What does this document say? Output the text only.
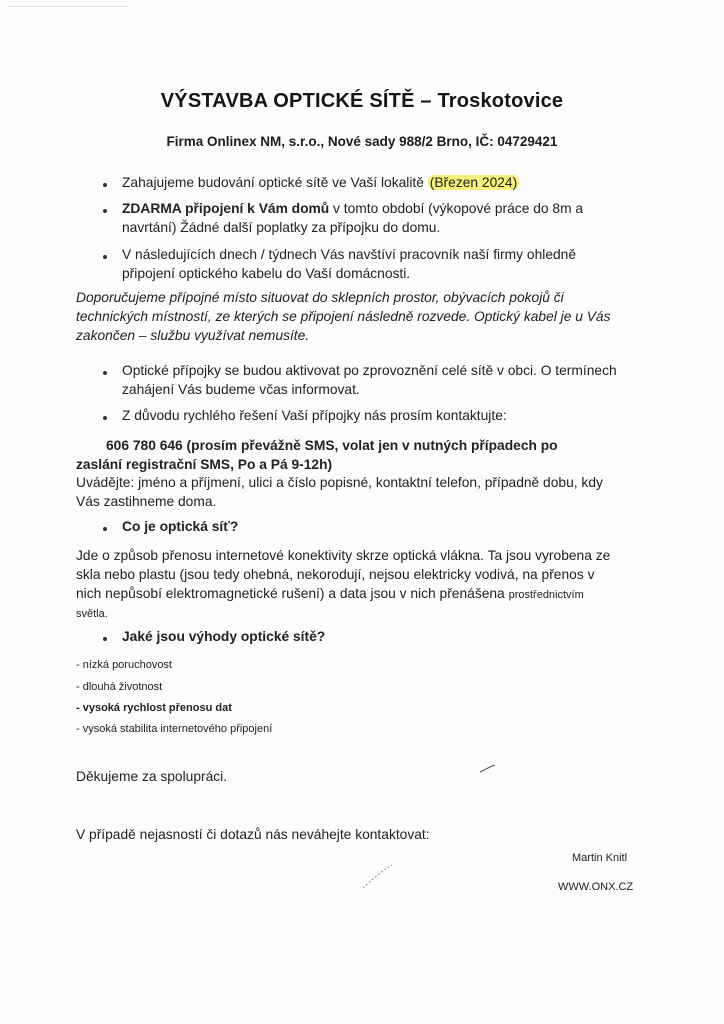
VÝSTAVBA OPTICKÉ SÍTĚ – Troskotovice
Firma Onlinex NM, s.r.o., Nové sady 988/2 Brno, IČ: 04729421
Zahajujeme budování optické sítě ve Vaší lokalitě (Březen 2024)
ZDARMA připojení k Vám domů v tomto období (výkopové práce do 8m a
navrtání) Žádné další poplatky za přípojku do domu.
V následujících dnech / týdnech Vás navštíví pracovník naší firmy ohledně
připojení optického kabelu do Vaší domácnosti.
Doporučujeme přípojné místo situovat do sklepních prostor, obývacích pokojů či
technických místností, ze kterých se připojení následně rozvede. Optický kabel je u Vás
zakončen – službu využívat nemusíte.
Optické přípojky se budou aktivovat po zprovoznění celé sítě v obci. O termínech
zahájení Vás budeme včas informovat.
Z důvodu rychlého řešení Vaší přípojky nás prosím kontaktujte:
606 780 646 (prosím převážně SMS, volat jen v nutných případech po
zaslání registrační SMS, Po a Pá 9-12h)
Uvádějte: jméno a příjmení, ulici a číslo popisné, kontaktní telefon, případně dobu, kdy
Vás zastihneme doma.
Co je optická síť?
Jde o způsob přenosu internetové konektivity skrze optická vlákna. Ta jsou vyrobena ze
skla nebo plastu (jsou tedy ohebná, nekorodují, nejsou elektricky vodivá, na přenos v
nich nepůsobí elektromagnetické rušení) a data jsou v nich přenášena prostřednictvím
světla.
Jaké jsou výhody optické sítě?
- nízká poruchovost
- dlouhá životnost
- vysoká rychlost přenosu dat
- vysoká stabilita internetového připojení
Děkujeme za spolupráci.
V případě nejasností či dotazů nás neváhejte kontaktovat:
Martin Knitl
WWW.ONX.CZ
